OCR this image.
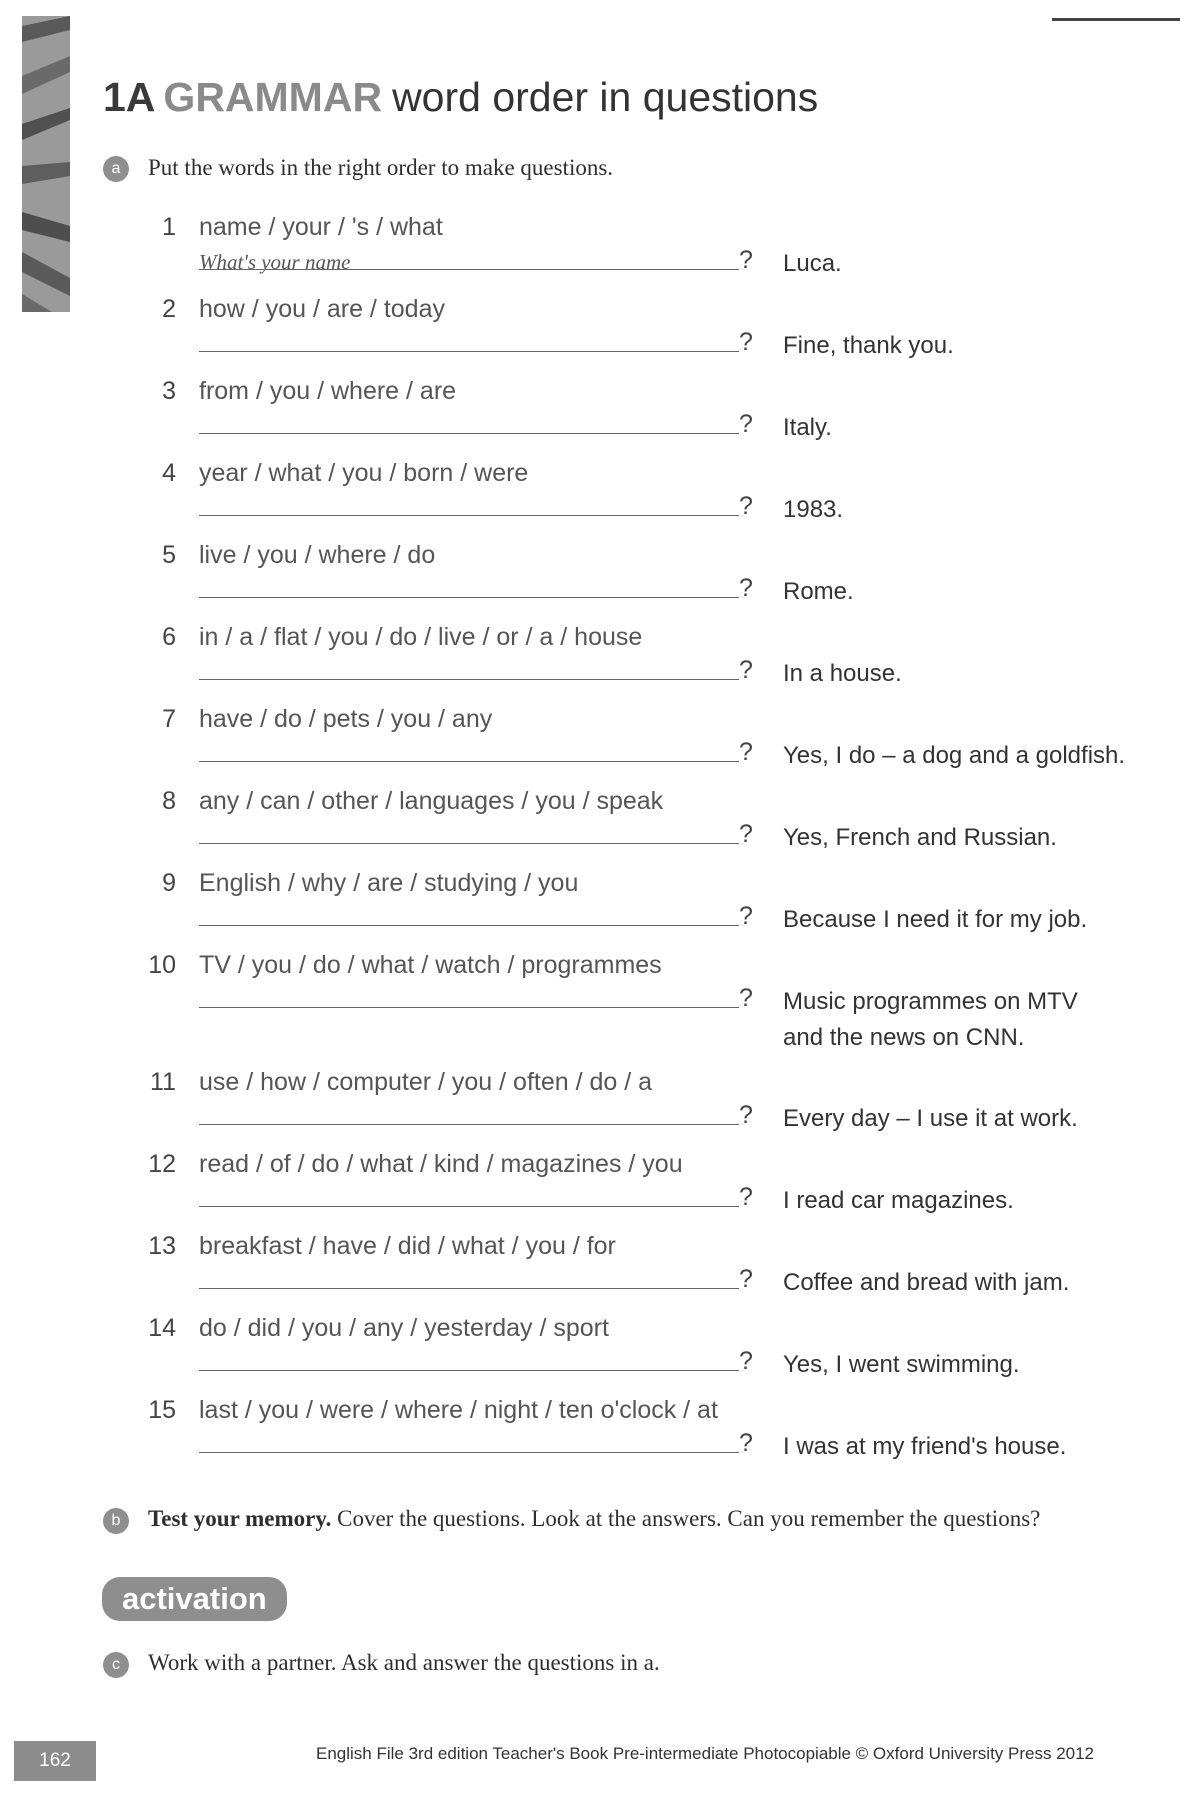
1A GRAMMAR word order in questions
a	Put the words in the right order to make questions.
1 name / your / 's / what
What's your name	? Luca.
2 how / you / are / today
? Fine, thank you.
3 from / you / where / are
? Italy.
4 year / what / you / born / were
? 1983.
5 live / you / where / do
? Rome.
6 in / a / flat / you / do / live / or / a / house
? In a house.
7 have / do / pets / you / any
? Yes, I do – a dog and a goldfish.
8 any / can / other / languages / you / speak
? Yes, French and Russian.
9 English / why / are / studying / you
? Because I need it for my job.
10 TV / you / do / what / watch / programmes
? Music programmes on MTV
and the news on CNN.
11 use / how / computer / you / often / do / a
? Every day – I use it at work.
12 read / of / do / what / kind / magazines / you
? I read car magazines.
13 breakfast / have / did / what / you / for
? Coffee and bread with jam.
14 do / did / you / any / yesterday / sport
? Yes, I went swimming.
15 last / you / were / where / night / ten o'clock / at
? I was at my friend's house.
b	Test your memory. Cover the questions. Look at the answers. Can you remember the questions?
activation
c	Work with a partner. Ask and answer the questions in a.
162	English File 3rd edition Teacher's Book Pre-intermediate Photocopiable © Oxford University Press 2012
